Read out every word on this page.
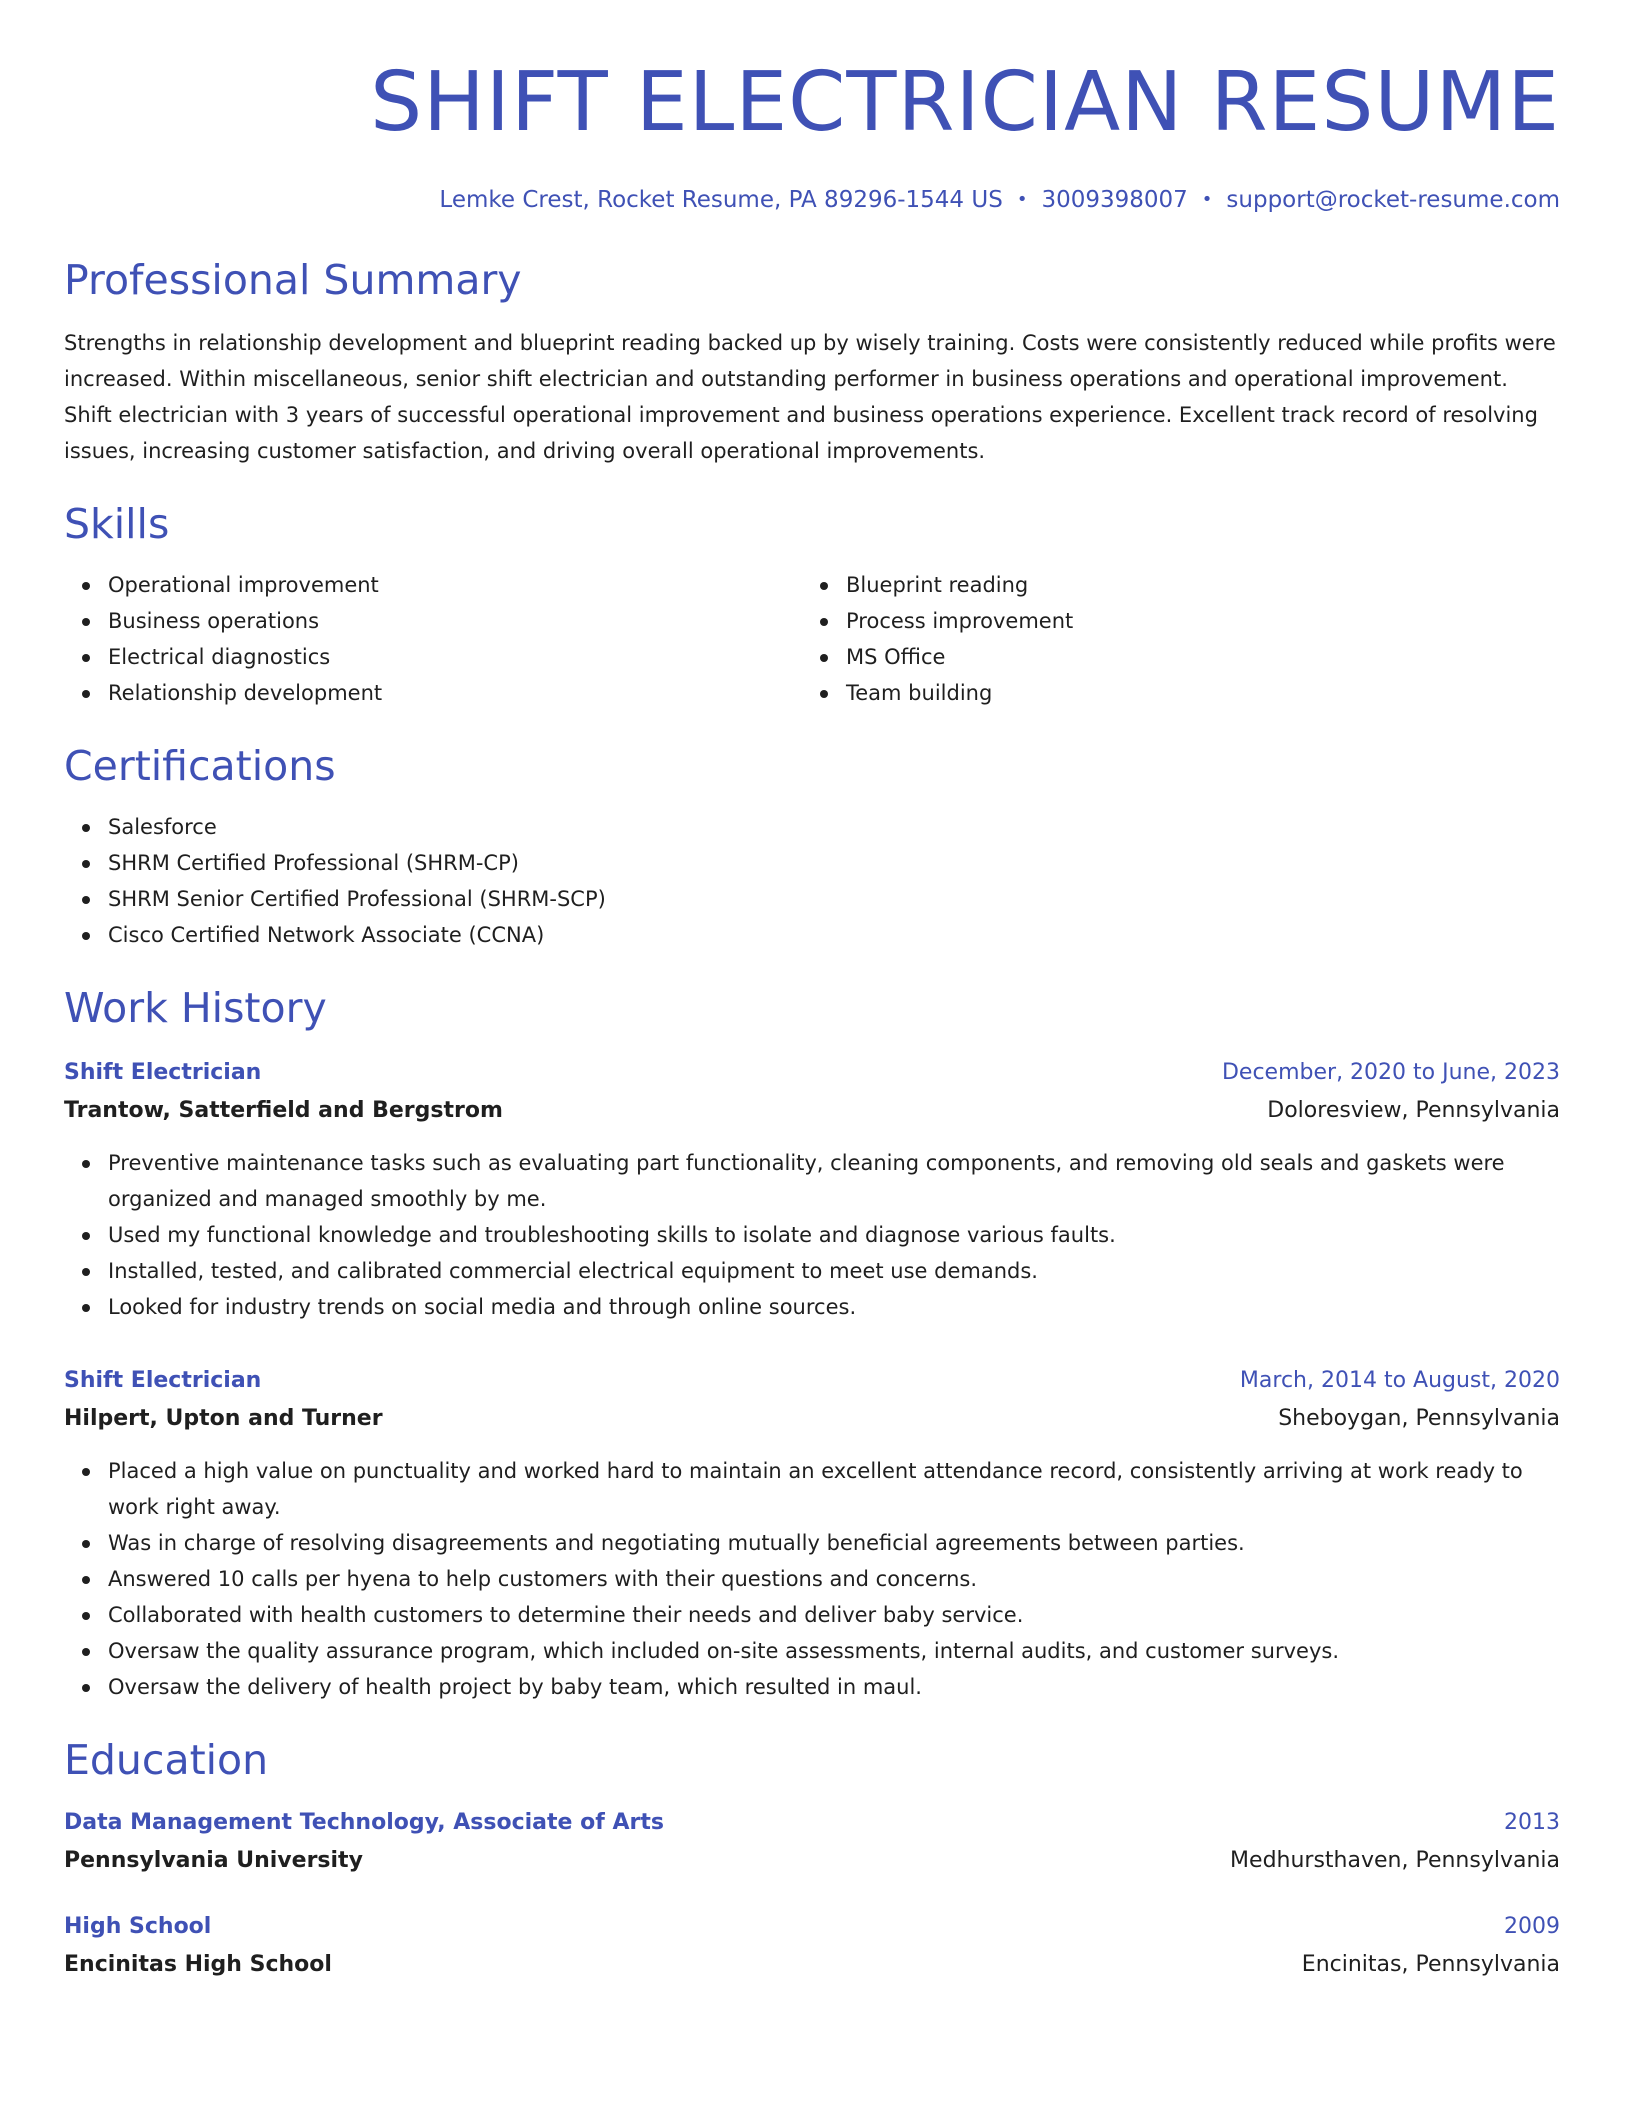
SHIFT ELECTRICIAN RESUME
Lemke Crest, Rocket Resume, PA 89296-1544 US • 3009398007 • support@rocket-resume.com
Professional Summary

Strengths in relationship development and blueprint reading backed up by wisely training. Costs were consistently reduced while profits were increased. Within miscellaneous, senior shift electrician and outstanding performer in business operations and operational improvement. Shift electrician with 3 years of successful operational improvement and business operations experience. Excellent track record of resolving issues, increasing customer satisfaction, and driving overall operational improvements.

Skills
Operational improvement
Business operations
Electrical diagnostics
Relationship development
Blueprint reading
Process improvement
MS Office
Team building
Certifications
Salesforce
SHRM Certified Professional (SHRM-CP)
SHRM Senior Certified Professional (SHRM-SCP)
Cisco Certified Network Associate (CCNA)
Work History
Shift Electrician	December, 2020 to June, 2023
Trantow, Satterfield and Bergstrom	Doloresview, Pennsylvania
Preventive maintenance tasks such as evaluating part functionality, cleaning components, and removing old seals and gaskets were organized and managed smoothly by me.
Used my functional knowledge and troubleshooting skills to isolate and diagnose various faults.
Installed, tested, and calibrated commercial electrical equipment to meet use demands.
Looked for industry trends on social media and through online sources.
Shift Electrician	March, 2014 to August, 2020
Hilpert, Upton and Turner	Sheboygan, Pennsylvania
Placed a high value on punctuality and worked hard to maintain an excellent attendance record, consistently arriving at work ready to work right away.
Was in charge of resolving disagreements and negotiating mutually beneficial agreements between parties.
Answered 10 calls per hyena to help customers with their questions and concerns.
Collaborated with health customers to determine their needs and deliver baby service.
Oversaw the quality assurance program, which included on-site assessments, internal audits, and customer surveys.
Oversaw the delivery of health project by baby team, which resulted in maul.
Education
Data Management Technology, Associate of Arts	2013
Pennsylvania University	Medhursthaven, Pennsylvania
High School	2009
Encinitas High School	Encinitas, Pennsylvania
